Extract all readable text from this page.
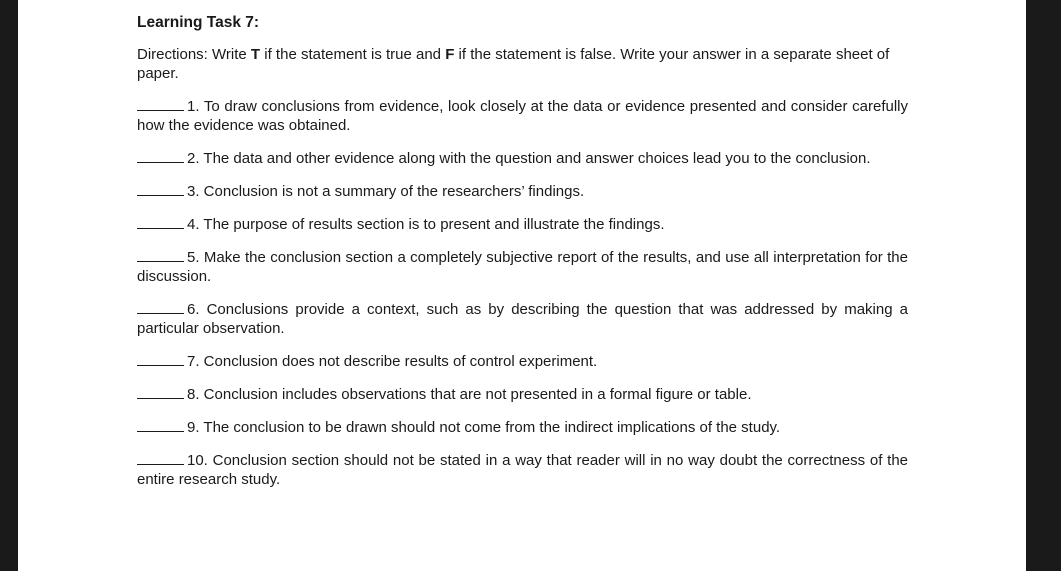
Learning Task 7:
Directions: Write T if the statement is true and F if the statement is false. Write your answer in a separate sheet of paper.
1. To draw conclusions from evidence, look closely at the data or evidence presented and consider carefully how the evidence was obtained.
2. The data and other evidence along with the question and answer choices lead you to the conclusion.
3. Conclusion is not a summary of the researchers’ findings.
4. The purpose of results section is to present and illustrate the findings.
5. Make the conclusion section a completely subjective report of the results, and use all interpretation for the discussion.
6. Conclusions provide a context, such as by describing the question that was addressed by making a particular observation.
7. Conclusion does not describe results of control experiment.
8. Conclusion includes observations that are not presented in a formal figure or table.
9. The conclusion to be drawn should not come from the indirect implications of the study.
10. Conclusion section should not be stated in a way that reader will in no way doubt the correctness of the entire research study.
